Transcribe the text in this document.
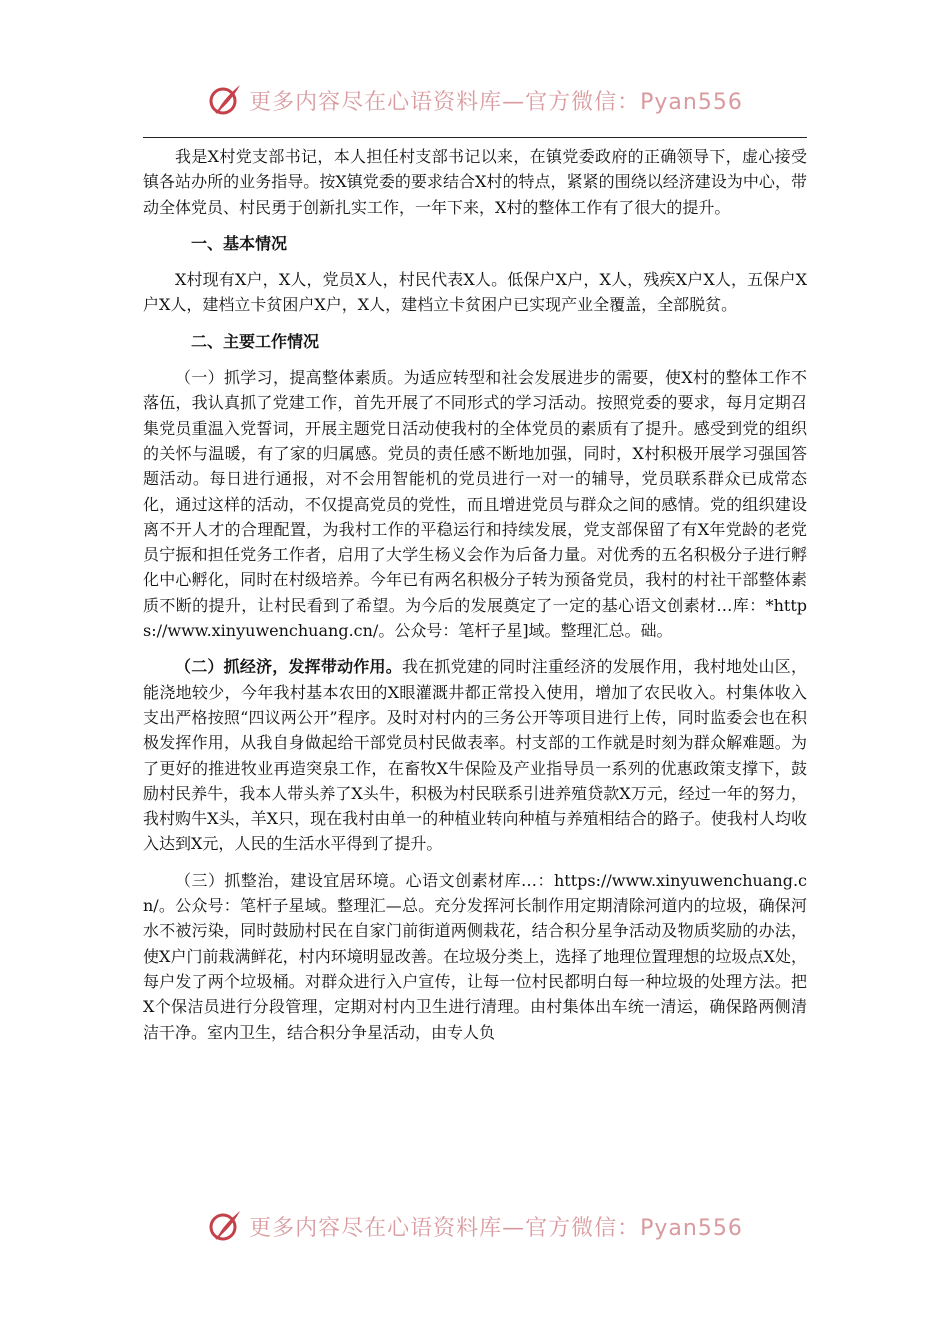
更多内容尽在心语资料库—官方微信：Pyan556

我是X村党支部书记，本人担任村支部书记以来，在镇党委政府的正确领导下，虚心接受镇各站办所的业务指导。按X镇党委的要求结合X村的特点，紧紧的围绕以经济建设为中心，带动全体党员、村民勇于创新扎实工作，一年下来，X村的整体工作有了很大的提升。

一、基本情况

X村现有X户，X人，党员X人，村民代表X人。低保户X户，X人，残疾X户X人，五保户X户X人，建档立卡贫困户X户，X人，建档立卡贫困户已实现产业全覆盖，全部脱贫。

二、主要工作情况

（一）抓学习，提高整体素质。为适应转型和社会发展进步的需要，使X村的整体工作不落伍，我认真抓了党建工作，首先开展了不同形式的学习活动。按照党委的要求，每月定期召集党员重温入党誓词，开展主题党日活动使我村的全体党员的素质有了提升。感受到党的组织的关怀与温暖，有了家的归属感。党员的责任感不断地加强，同时，X村积极开展学习强国答题活动。每日进行通报，对不会用智能机的党员进行一对一的辅导，党员联系群众已成常态化，通过这样的活动，不仅提高党员的党性，而且增进党员与群众之间的感情。党的组织建设离不开人才的合理配置，为我村工作的平稳运行和持续发展，党支部保留了有X年党龄的老党员宁振和担任党务工作者，启用了大学生杨义会作为后备力量。对优秀的五名积极分子进行孵化中心孵化，同时在村级培养。今年已有两名积极分子转为预备党员，我村的村社干部整体素质不断的提升，让村民看到了希望。为今后的发展奠定了一定的基心语文创素材…库：*https://www.xinyuwenchuang.cn/。公众号：笔杆子星]域。整理汇总。础。

（二）抓经济，发挥带动作用。我在抓党建的同时注重经济的发展作用，我村地处山区，能浇地较少，今年我村基本农田的X眼灌溉井都正常投入使用，增加了农民收入。村集体收入支出严格按照“四议两公开”程序。及时对村内的三务公开等项目进行上传，同时监委会也在积极发挥作用，从我自身做起给干部党员村民做表率。村支部的工作就是时刻为群众解难题。为了更好的推进牧业再造突泉工作，在畜牧X牛保险及产业指导员一系列的优惠政策支撑下，鼓励村民养牛，我本人带头养了X头牛，积极为村民联系引进养殖贷款X万元，经过一年的努力，我村购牛X头，羊X只，现在我村由单一的种植业转向种植与养殖相结合的路子。使我村人均收入达到X元，人民的生活水平得到了提升。

（三）抓整治，建设宜居环境。心语文创素材库…：https://www.xinyuwenchuang.cn/。公众号：笔杆子星域。整理汇—总。充分发挥河长制作用定期清除河道内的垃圾，确保河水不被污染，同时鼓励村民在自家门前街道两侧栽花，结合积分星争活动及物质奖励的办法，使X户门前栽满鲜花，村内环境明显改善。在垃圾分类上，选择了地理位置理想的垃圾点X处，每户发了两个垃圾桶。对群众进行入户宣传，让每一位村民都明白每一种垃圾的处理方法。把X个保洁员进行分段管理，定期对村内卫生进行清理。由村集体出车统一清运，确保路两侧清洁干净。室内卫生，结合积分争星活动，由专人负

更多内容尽在心语资料库—官方微信：Pyan556
